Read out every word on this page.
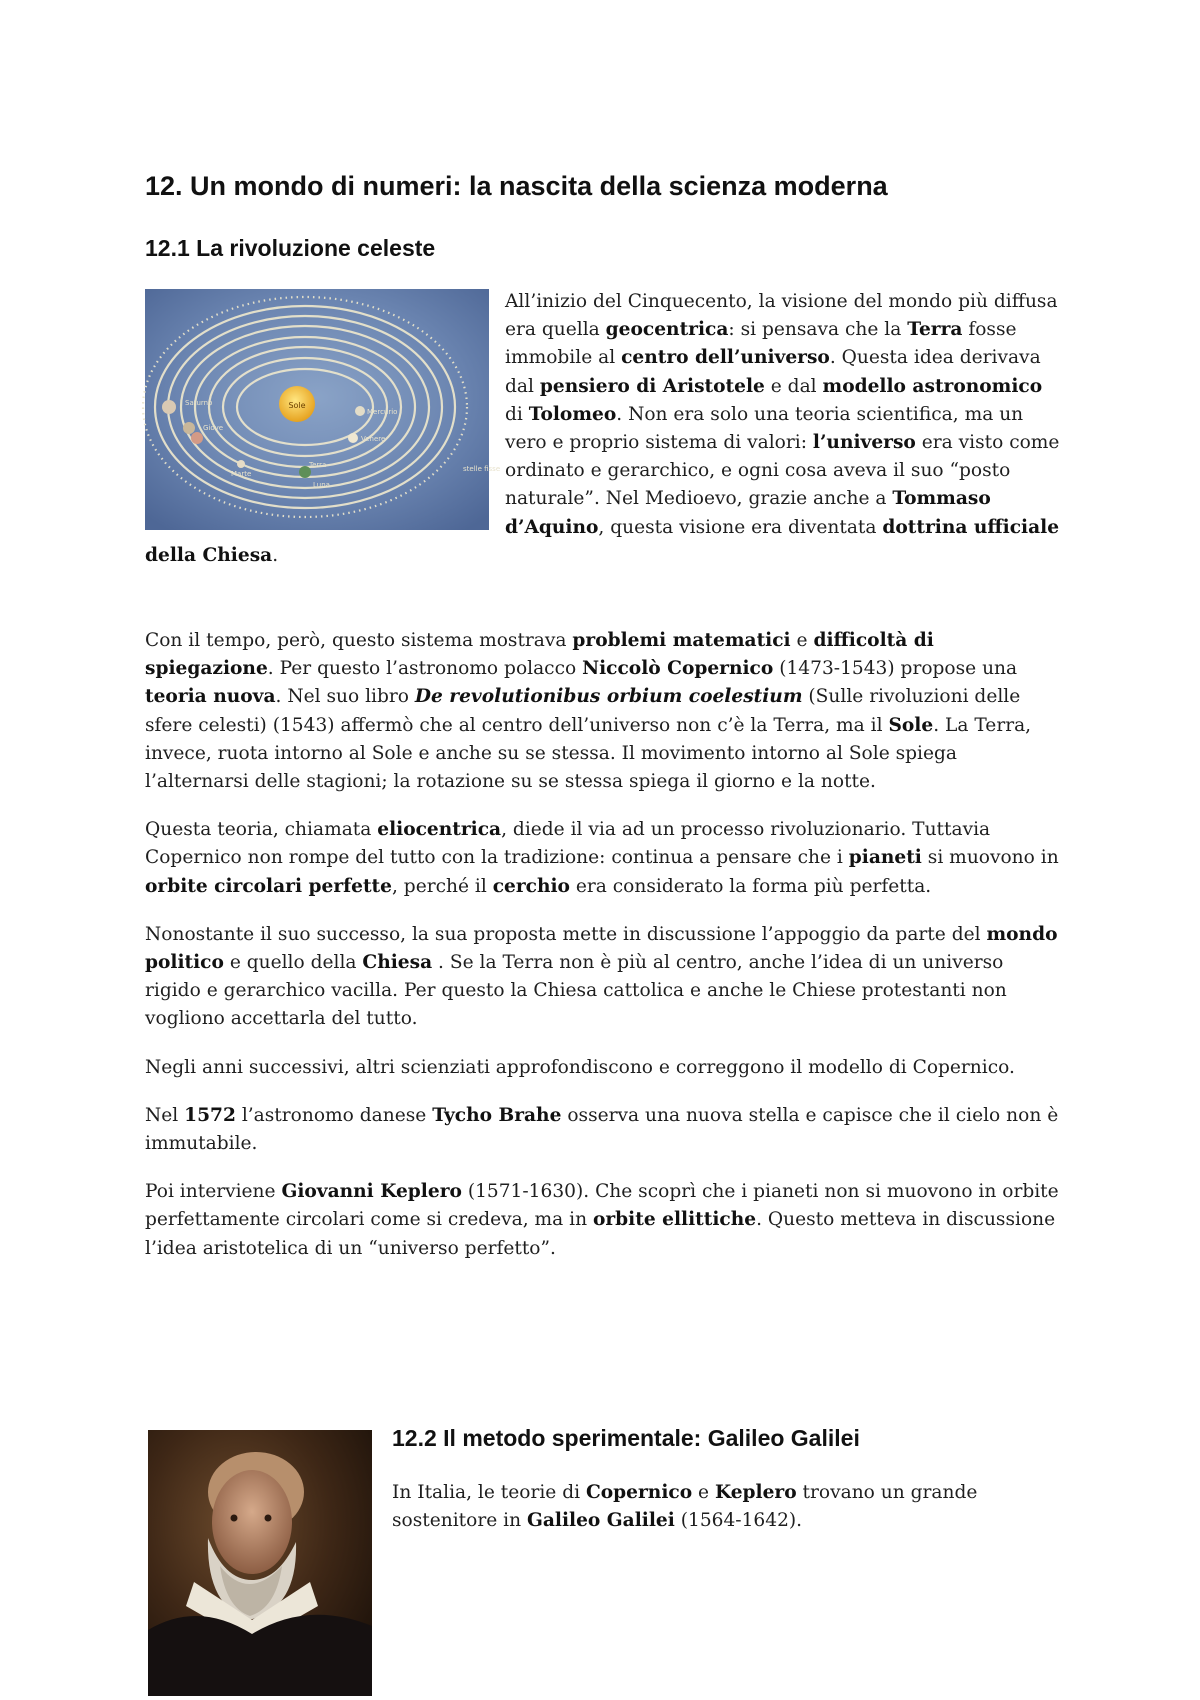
12. Un mondo di numeri: la nascita della scienza moderna
12.1 La rivoluzione celeste
Sole
Saturno
Giove
Marte
Terra
Luna
Mercurio
Venere
stelle fisse
All’inizio del Cinquecento, la visione del mondo più diffusa era quella geocentrica: si pensava che la Terra fosse immobile al centro dell’universo. Questa idea derivava dal pensiero di Aristotele e dal modello astronomico di Tolomeo. Non era solo una teoria scientifica, ma un vero e proprio sistema di valori: l’universo era visto come ordinato e gerarchico, e ogni cosa aveva il suo “posto naturale”. Nel Medioevo, grazie anche a Tommaso d’Aquino, questa visione era diventata dottrina ufficiale della Chiesa.

Con il tempo, però, questo sistema mostrava problemi matematici e difficoltà di spiegazione. Per questo l’astronomo polacco Niccolò Copernico (1473-1543) propose una teoria nuova. Nel suo libro De revolutionibus orbium coelestium (Sulle rivoluzioni delle sfere celesti) (1543) affermò che al centro dell’universo non c’è la Terra, ma il Sole. La Terra, invece, ruota intorno al Sole e anche su se stessa. Il movimento intorno al Sole spiega l’alternarsi delle stagioni; la rotazione su se stessa spiega il giorno e la notte.

Questa teoria, chiamata eliocentrica, diede il via ad un processo rivoluzionario. Tuttavia Copernico non rompe del tutto con la tradizione: continua a pensare che i pianeti si muovono in orbite circolari perfette, perché il cerchio era considerato la forma più perfetta.

Nonostante il suo successo, la sua proposta mette in discussione l’appoggio da parte del mondo politico e quello della Chiesa . Se la Terra non è più al centro, anche l’idea di un universo rigido e gerarchico vacilla. Per questo la Chiesa cattolica e anche le Chiese protestanti non vogliono accettarla del tutto.

Negli anni successivi, altri scienziati approfondiscono e correggono il modello di Copernico.

Nel 1572 l’astronomo danese Tycho Brahe osserva una nuova stella e capisce che il cielo non è immutabile.

Poi interviene Giovanni Keplero (1571-1630). Che scoprì che i pianeti non si muovono in orbite perfettamente circolari come si credeva, ma in orbite ellittiche. Questo metteva in discussione l’idea aristotelica di un “universo perfetto”.

12.2 Il metodo sperimentale: Galileo Galilei

In Italia, le teorie di Copernico e Keplero trovano un grande sostenitore in Galileo Galilei (1564-1642).
